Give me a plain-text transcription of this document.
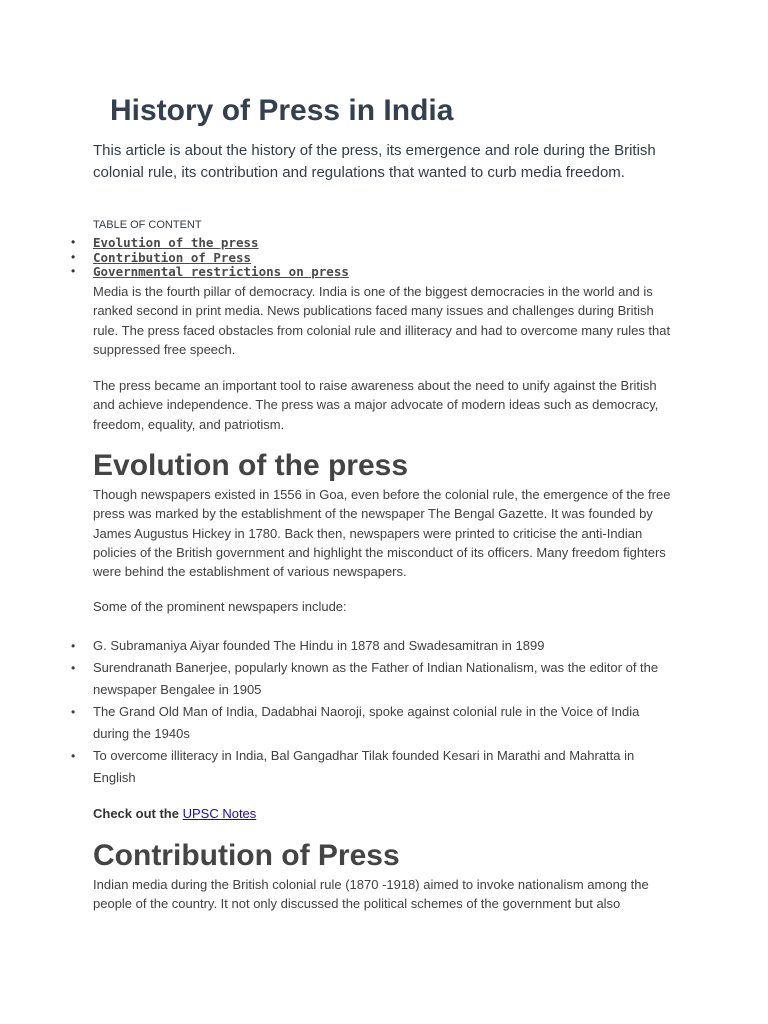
History of Press in India

This article is about the history of the press, its emergence and role during the British colonial rule, its contribution and regulations that wanted to curb media freedom.

TABLE OF CONTENT

• Evolution of the press
• Contribution of Press
• Governmental restrictions on press

Media is the fourth pillar of democracy. India is one of the biggest democracies in the world and is ranked second in print media. News publications faced many issues and challenges during British rule. The press faced obstacles from colonial rule and illiteracy and had to overcome many rules that suppressed free speech.

The press became an important tool to raise awareness about the need to unify against the British and achieve independence. The press was a major advocate of modern ideas such as democracy, freedom, equality, and patriotism.

Evolution of the press

Though newspapers existed in 1556 in Goa, even before the colonial rule, the emergence of the free press was marked by the establishment of the newspaper The Bengal Gazette. It was founded by James Augustus Hickey in 1780. Back then, newspapers were printed to criticise the anti-Indian policies of the British government and highlight the misconduct of its officers. Many freedom fighters were behind the establishment of various newspapers.

Some of the prominent newspapers include:

• G. Subramaniya Aiyar founded The Hindu in 1878 and Swadesamitran in 1899
• Surendranath Banerjee, popularly known as the Father of Indian Nationalism, was the editor of the newspaper Bengalee in 1905
• The Grand Old Man of India, Dadabhai Naoroji, spoke against colonial rule in the Voice of India during the 1940s
• To overcome illiteracy in India, Bal Gangadhar Tilak founded Kesari in Marathi and Mahratta in English

Check out the UPSC Notes

Contribution of Press

Indian media during the British colonial rule (1870 -1918) aimed to invoke nationalism among the people of the country. It not only discussed the political schemes of the government but also
